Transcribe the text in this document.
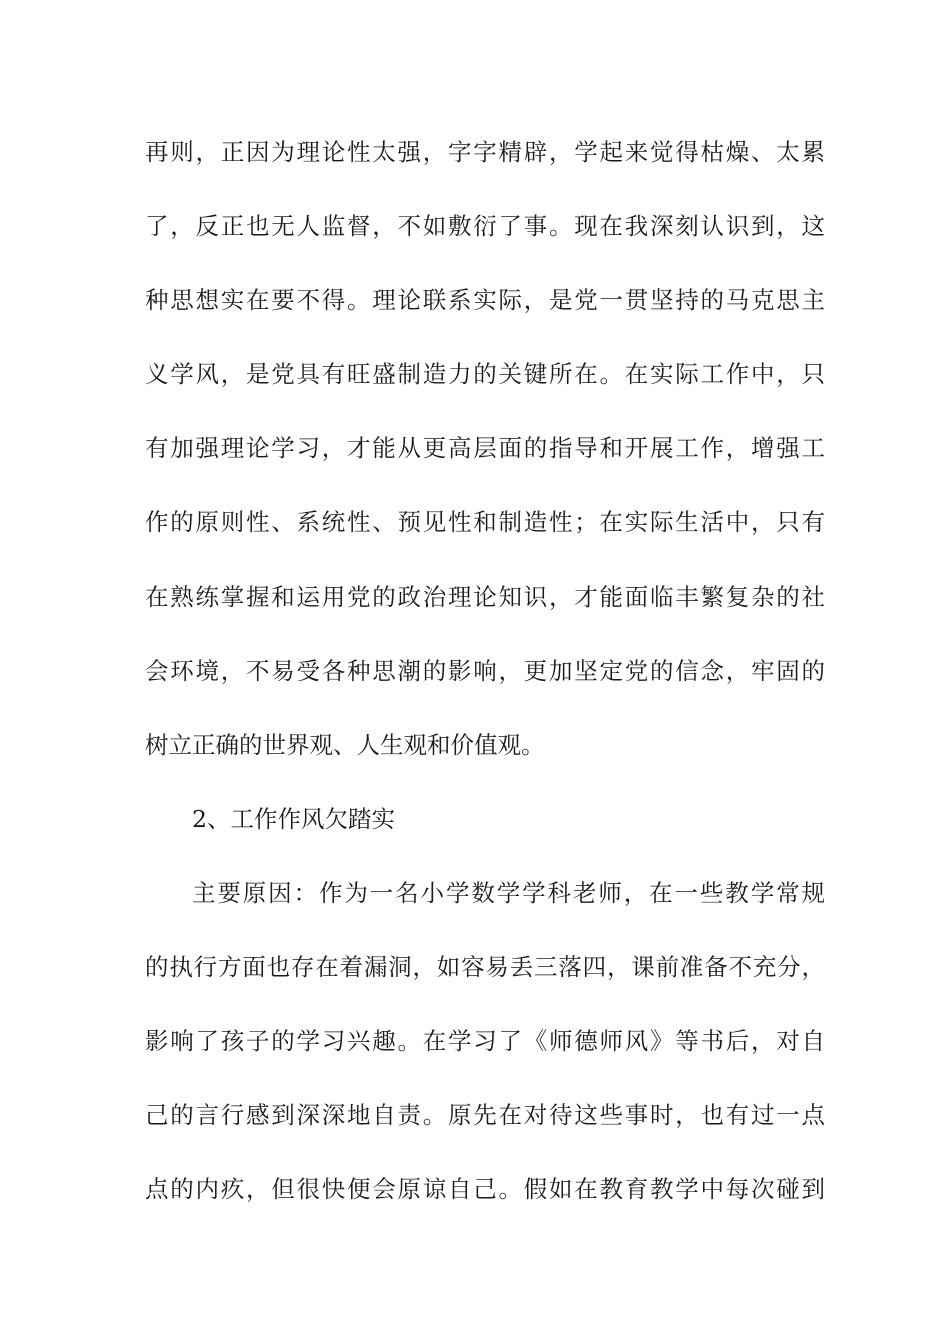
再则，正因为理论性太强，字字精辟，学起来觉得枯燥、太累
了，反正也无人监督，不如敷衍了事。现在我深刻认识到，这
种思想实在要不得。理论联系实际，是党一贯坚持的马克思主
义学风，是党具有旺盛制造力的关键所在。在实际工作中，只
有加强理论学习，才能从更高层面的指导和开展工作，增强工
作的原则性、系统性、预见性和制造性；在实际生活中，只有
在熟练掌握和运用党的政治理论知识，才能面临丰繁复杂的社
会环境，不易受各种思潮的影响，更加坚定党的信念，牢固的
树立正确的世界观、人生观和价值观。
2、工作作风欠踏实
主要原因：作为一名小学数学学科老师，在一些教学常规
的执行方面也存在着漏洞，如容易丢三落四，课前准备不充分，
影响了孩子的学习兴趣。在学习了《师德师风》等书后，对自
己的言行感到深深地自责。原先在对待这些事时，也有过一点
点的内疚，但很快便会原谅自己。假如在教育教学中每次碰到
